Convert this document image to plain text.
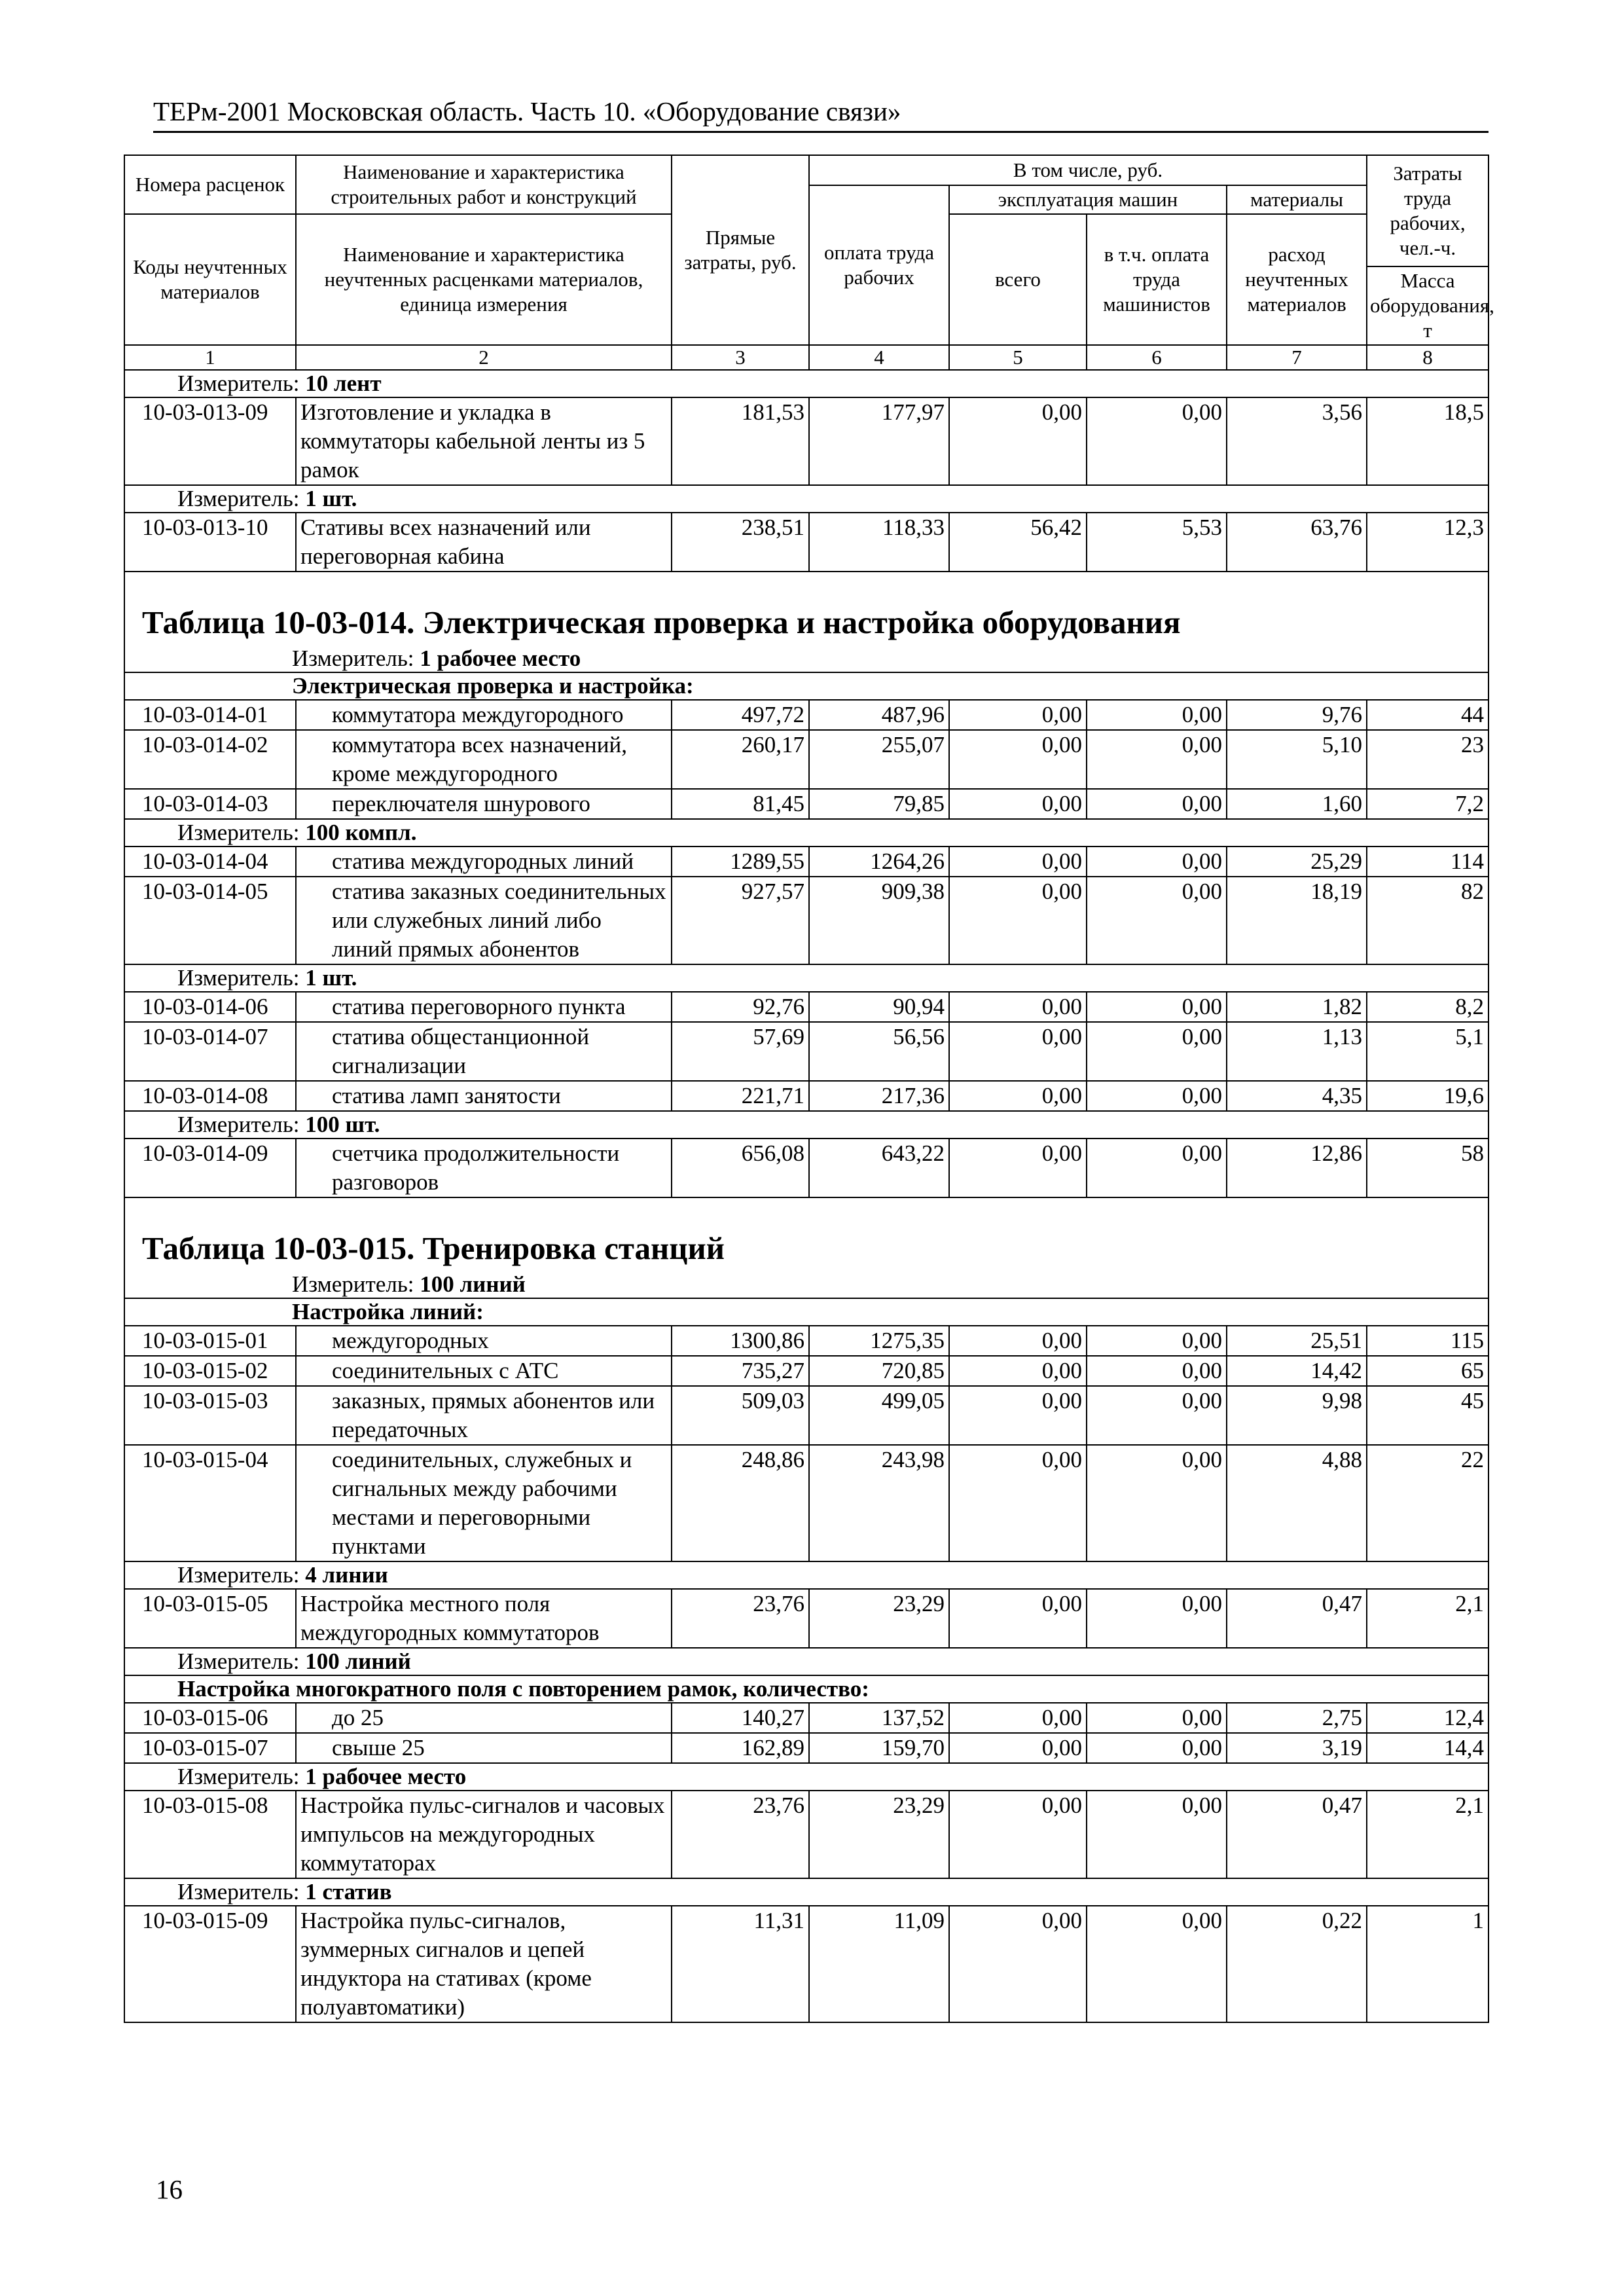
ТЕРм-2001 Московская область. Часть 10. «Оборудование связи»
Номера расценок	Наименование и характеристика строительных работ и конструкций	Прямые затраты, руб.	В том числе, руб.				Затраты труда рабочих, чел.-ч.
			оплата труда рабочих	эксплуатация машин		материалы	
Коды неучтенных материалов	Наименование и характеристика неучтенных расценками материалов, единица измерения			всего	в т.ч. оплата труда машинистов	расход неучтенных материалов	
							Масса оборудования, т
1	2	3	4	5	6	7	8
Измеритель: 10 лент							
10-03-013-09	Изготовление и укладка в коммутаторы кабельной ленты из 5 рамок	181,53	177,97	0,00	0,00	3,56	18,5
Измеритель: 1 шт.							
10-03-013-10	Стативы всех назначений или переговорная кабина	238,51	118,33	56,42	5,53	63,76	12,3

Таблица 10-03-014. Электрическая проверка и настройка оборудования							

Измеритель: 1 рабочее место							
Электрическая проверка и настройка:							
10-03-014-01	коммутатора междугородного	497,72	487,96	0,00	0,00	9,76	44
10-03-014-02	коммутатора всех назначений, кроме междугородного	260,17	255,07	0,00	0,00	5,10	23
10-03-014-03	переключателя шнурового	81,45	79,85	0,00	0,00	1,60	7,2
Измеритель: 100 компл.							
10-03-014-04	статива междугородных линий	1289,55	1264,26	0,00	0,00	25,29	114
10-03-014-05	статива заказных соединительных или служебных линий либо линий прямых абонентов	927,57	909,38	0,00	0,00	18,19	82
Измеритель: 1 шт.							
10-03-014-06	статива переговорного пункта	92,76	90,94	0,00	0,00	1,82	8,2
10-03-014-07	статива общестанционной сигнализации	57,69	56,56	0,00	0,00	1,13	5,1
10-03-014-08	статива ламп занятости	221,71	217,36	0,00	0,00	4,35	19,6
Измеритель: 100 шт.							
10-03-014-09	счетчика продолжительности разговоров	656,08	643,22	0,00	0,00	12,86	58

Таблица 10-03-015. Тренировка станций							

Измеритель: 100 линий							
Настройка линий:							
10-03-015-01	междугородных	1300,86	1275,35	0,00	0,00	25,51	115
10-03-015-02	соединительных с АТС	735,27	720,85	0,00	0,00	14,42	65
10-03-015-03	заказных, прямых абонентов или передаточных	509,03	499,05	0,00	0,00	9,98	45
10-03-015-04	соединительных, служебных и сигнальных между рабочими местами и переговорными пунктами	248,86	243,98	0,00	0,00	4,88	22
Измеритель: 4 линии							
10-03-015-05	Настройка местного поля междугородных коммутаторов	23,76	23,29	0,00	0,00	0,47	2,1
Измеритель: 100 линий							
Настройка многократного поля с повторением рамок, количество:							
10-03-015-06	до 25	140,27	137,52	0,00	0,00	2,75	12,4
10-03-015-07	свыше 25	162,89	159,70	0,00	0,00	3,19	14,4
Измеритель: 1 рабочее место							
10-03-015-08	Настройка пульс-сигналов и часовых импульсов на междугородных коммутаторах	23,76	23,29	0,00	0,00	0,47	2,1
Измеритель: 1 статив							
10-03-015-09	Настройка пульс-сигналов, зуммерных сигналов и цепей индуктора на стативах (кроме полуавтоматики)	11,31	11,09	0,00	0,00	0,22	1
16
